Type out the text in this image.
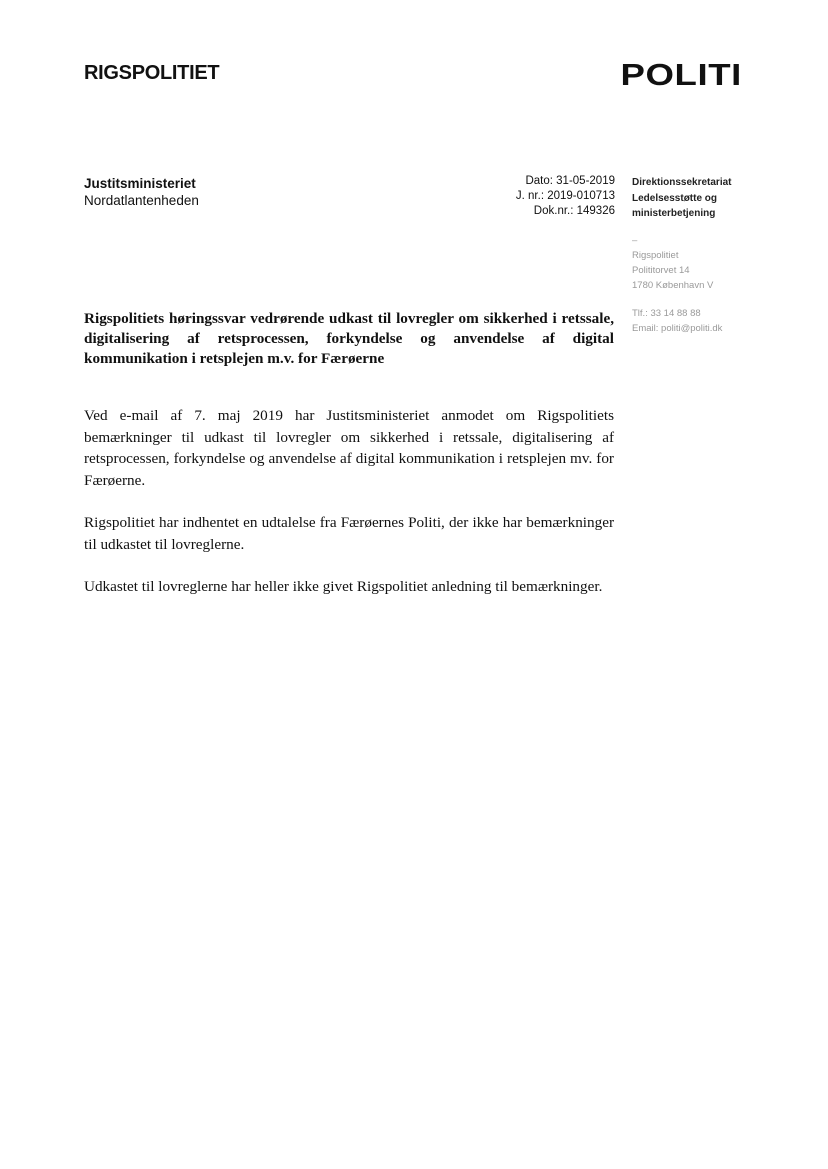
RIGSPOLITIET	POLITI
Justitsministeriet
Nordatlantenheden
Dato: 31-05-2019
J. nr.: 2019-010713
Dok.nr.: 149326
Direktionssekretariat
Ledelsesstøtte og
ministerbetjening
–
Rigspolitiet
Polititorvet 14
1780 København V
Tlf.: 33 14 88 88
Email: politi@politi.dk
Rigspolitiets høringssvar vedrørende udkast til lovregler om sikkerhed i retssale, digitalisering af retsprocessen, forkyndelse og anvendelse af digital kommunikation i retsplejen m.v. for Færøerne

Ved e-mail af 7. maj 2019 har Justitsministeriet anmodet om Rigspolitiets bemærkninger til udkast til lovregler om sikkerhed i retssale, digitalisering af retsprocessen, forkyndelse og anvendelse af digital kommunikation i retsplejen mv. for Færøerne.

Rigspolitiet har indhentet en udtalelse fra Færøernes Politi, der ikke har bemærkninger til udkastet til lovreglerne.

Udkastet til lovreglerne har heller ikke givet Rigspolitiet anledning til bemærkninger.
